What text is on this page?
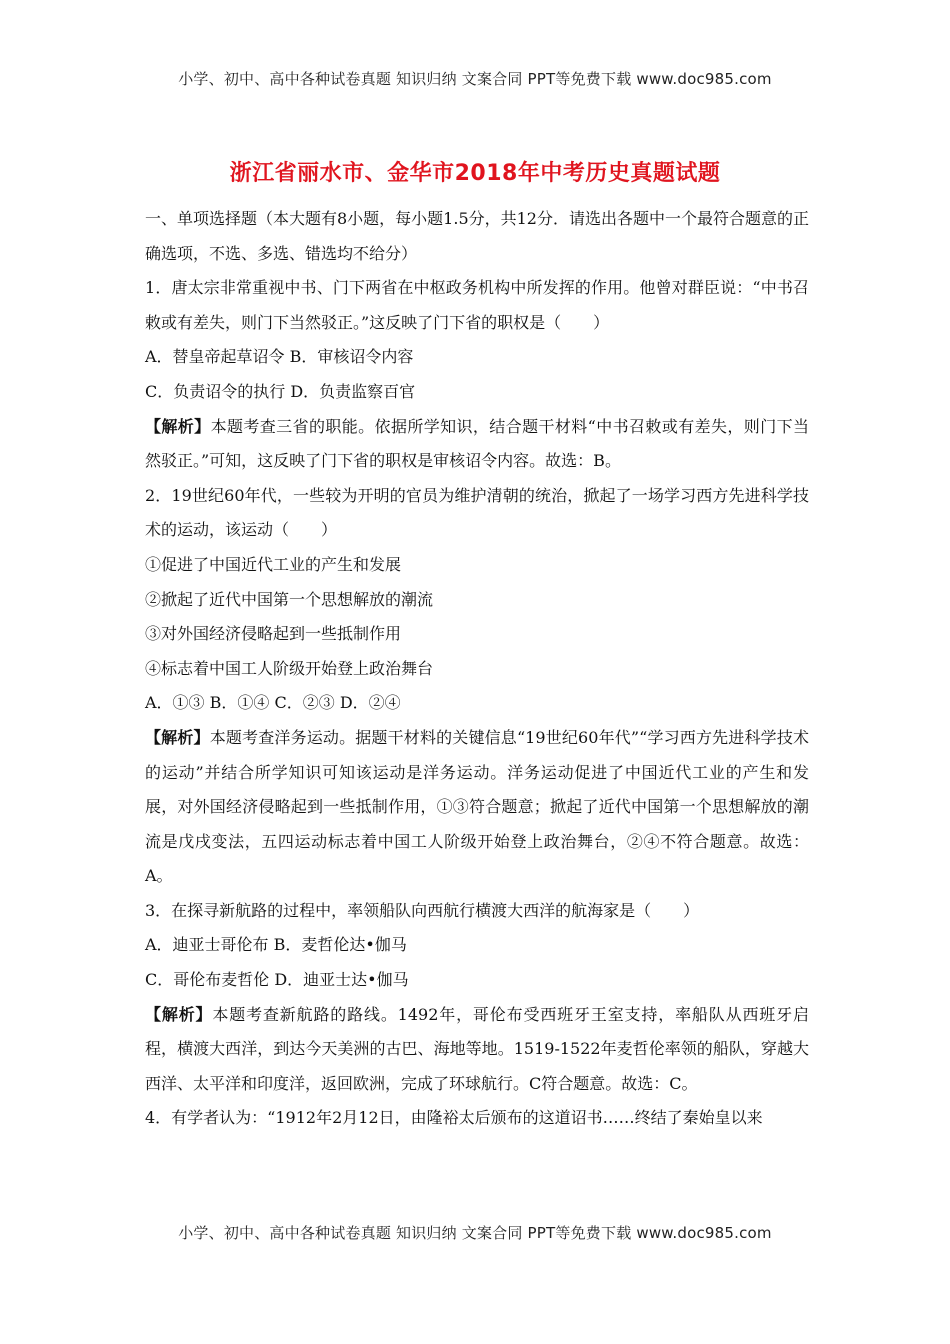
小学、初中、高中各种试卷真题 知识归纳 文案合同 PPT等免费下载 www.doc985.com
浙江省丽水市、金华市2018年中考历史真题试题

一、单项选择题（本大题有8小题，每小题1.5分，共12分．请选出各题中一个最符合题意的正确选项，不选、多选、错选均不给分）

1．唐太宗非常重视中书、门下两省在中枢政务机构中所发挥的作用。他曾对群臣说：“中书召敕或有差失，则门下当然驳正。”这反映了门下省的职权是（　　）

A．替皇帝起草诏令 B．审核诏令内容

C．负责诏令的执行 D．负责监察百官

【解析】本题考查三省的职能。依据所学知识，结合题干材料“中书召敕或有差失，则门下当然驳正。”可知，这反映了门下省的职权是审核诏令内容。故选：B。

2．19世纪60年代，一些较为开明的官员为维护清朝的统治，掀起了一场学习西方先进科学技术的运动，该运动（　　）

①促进了中国近代工业的产生和发展

②掀起了近代中国第一个思想解放的潮流

③对外国经济侵略起到一些抵制作用

④标志着中国工人阶级开始登上政治舞台

A．①③ B．①④ C．②③ D．②④

【解析】本题考查洋务运动。据题干材料的关键信息“19世纪60年代”“学习西方先进科学技术的运动”并结合所学知识可知该运动是洋务运动。洋务运动促进了中国近代工业的产生和发展，对外国经济侵略起到一些抵制作用，①③符合题意；掀起了近代中国第一个思想解放的潮流是戊戌变法，五四运动标志着中国工人阶级开始登上政治舞台，②④不符合题意。故选：A。

3．在探寻新航路的过程中，率领船队向西航行横渡大西洋的航海家是（　　）

A．迪亚士哥伦布 B．麦哲伦达•伽马

C．哥伦布麦哲伦 D．迪亚士达•伽马

【解析】本题考查新航路的路线。1492年，哥伦布受西班牙王室支持，率船队从西班牙启程，横渡大西洋，到达今天美洲的古巴、海地等地。1519-1522年麦哲伦率领的船队，穿越大西洋、太平洋和印度洋，返回欧洲，完成了环球航行。C符合题意。故选：C。

4．有学者认为：“1912年2月12日，由隆裕太后颁布的这道诏书……终结了秦始皇以来

小学、初中、高中各种试卷真题 知识归纳 文案合同 PPT等免费下载 www.doc985.com
